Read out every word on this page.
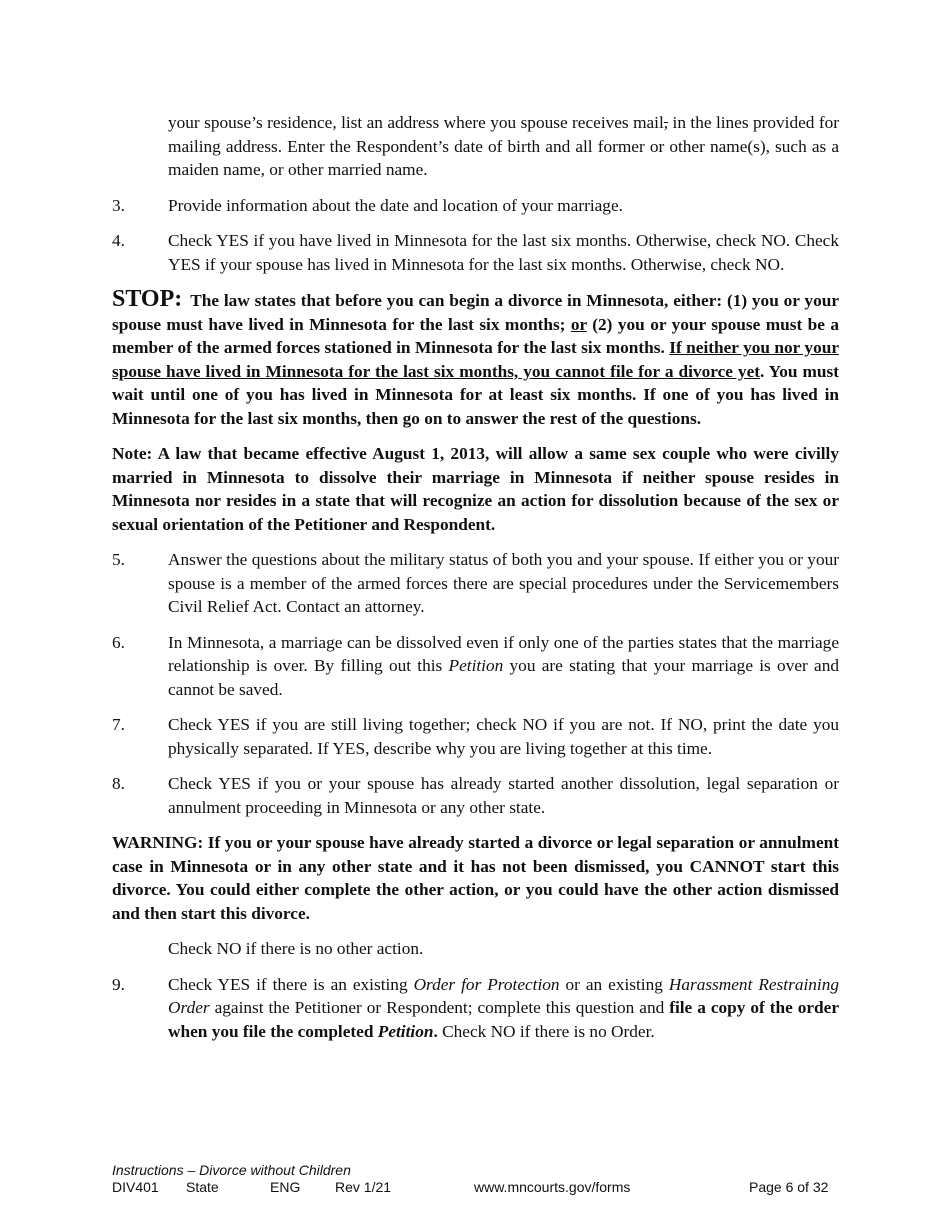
your spouse’s residence, list an address where you spouse receives mail, in the lines provided for mailing address. Enter the Respondent’s date of birth and all former or other name(s), such as a maiden name, or other married name.

3. Provide information about the date and location of your marriage.
4. Check YES if you have lived in Minnesota for the last six months. Otherwise, check NO. Check YES if your spouse has lived in Minnesota for the last six months. Otherwise, check NO.

STOP: The law states that before you can begin a divorce in Minnesota, either: (1) you or your spouse must have lived in Minnesota for the last six months; or (2) you or your spouse must be a member of the armed forces stationed in Minnesota for the last six months. If neither you nor your spouse have lived in Minnesota for the last six months, you cannot file for a divorce yet. You must wait until one of you has lived in Minnesota for at least six months. If one of you has lived in Minnesota for the last six months, then go on to answer the rest of the questions.

Note: A law that became effective August 1, 2013, will allow a same sex couple who were civilly married in Minnesota to dissolve their marriage in Minnesota if neither spouse resides in Minnesota nor resides in a state that will recognize an action for dissolution because of the sex or sexual orientation of the Petitioner and Respondent.

5. Answer the questions about the military status of both you and your spouse. If either you or your spouse is a member of the armed forces there are special procedures under the Servicemembers Civil Relief Act. Contact an attorney.
6. In Minnesota, a marriage can be dissolved even if only one of the parties states that the marriage relationship is over. By filling out this Petition you are stating that your marriage is over and cannot be saved.
7. Check YES if you are still living together; check NO if you are not. If NO, print the date you physically separated. If YES, describe why you are living together at this time.
8. Check YES if you or your spouse has already started another dissolution, legal separation or annulment proceeding in Minnesota or any other state.

WARNING: If you or your spouse have already started a divorce or legal separation or annulment case in Minnesota or in any other state and it has not been dismissed, you CANNOT start this divorce. You could either complete the other action, or you could have the other action dismissed and then start this divorce.

Check NO if there is no other action.

9. Check YES if there is an existing Order for Protection or an existing Harassment Restraining Order against the Petitioner or Respondent; complete this question and file a copy of the order when you file the completed Petition. Check NO if there is no Order.
Instructions – Divorce without Children
DIV401 State	ENG Rev 1/21	www.mncourts.gov/forms	Page 6 of 32
